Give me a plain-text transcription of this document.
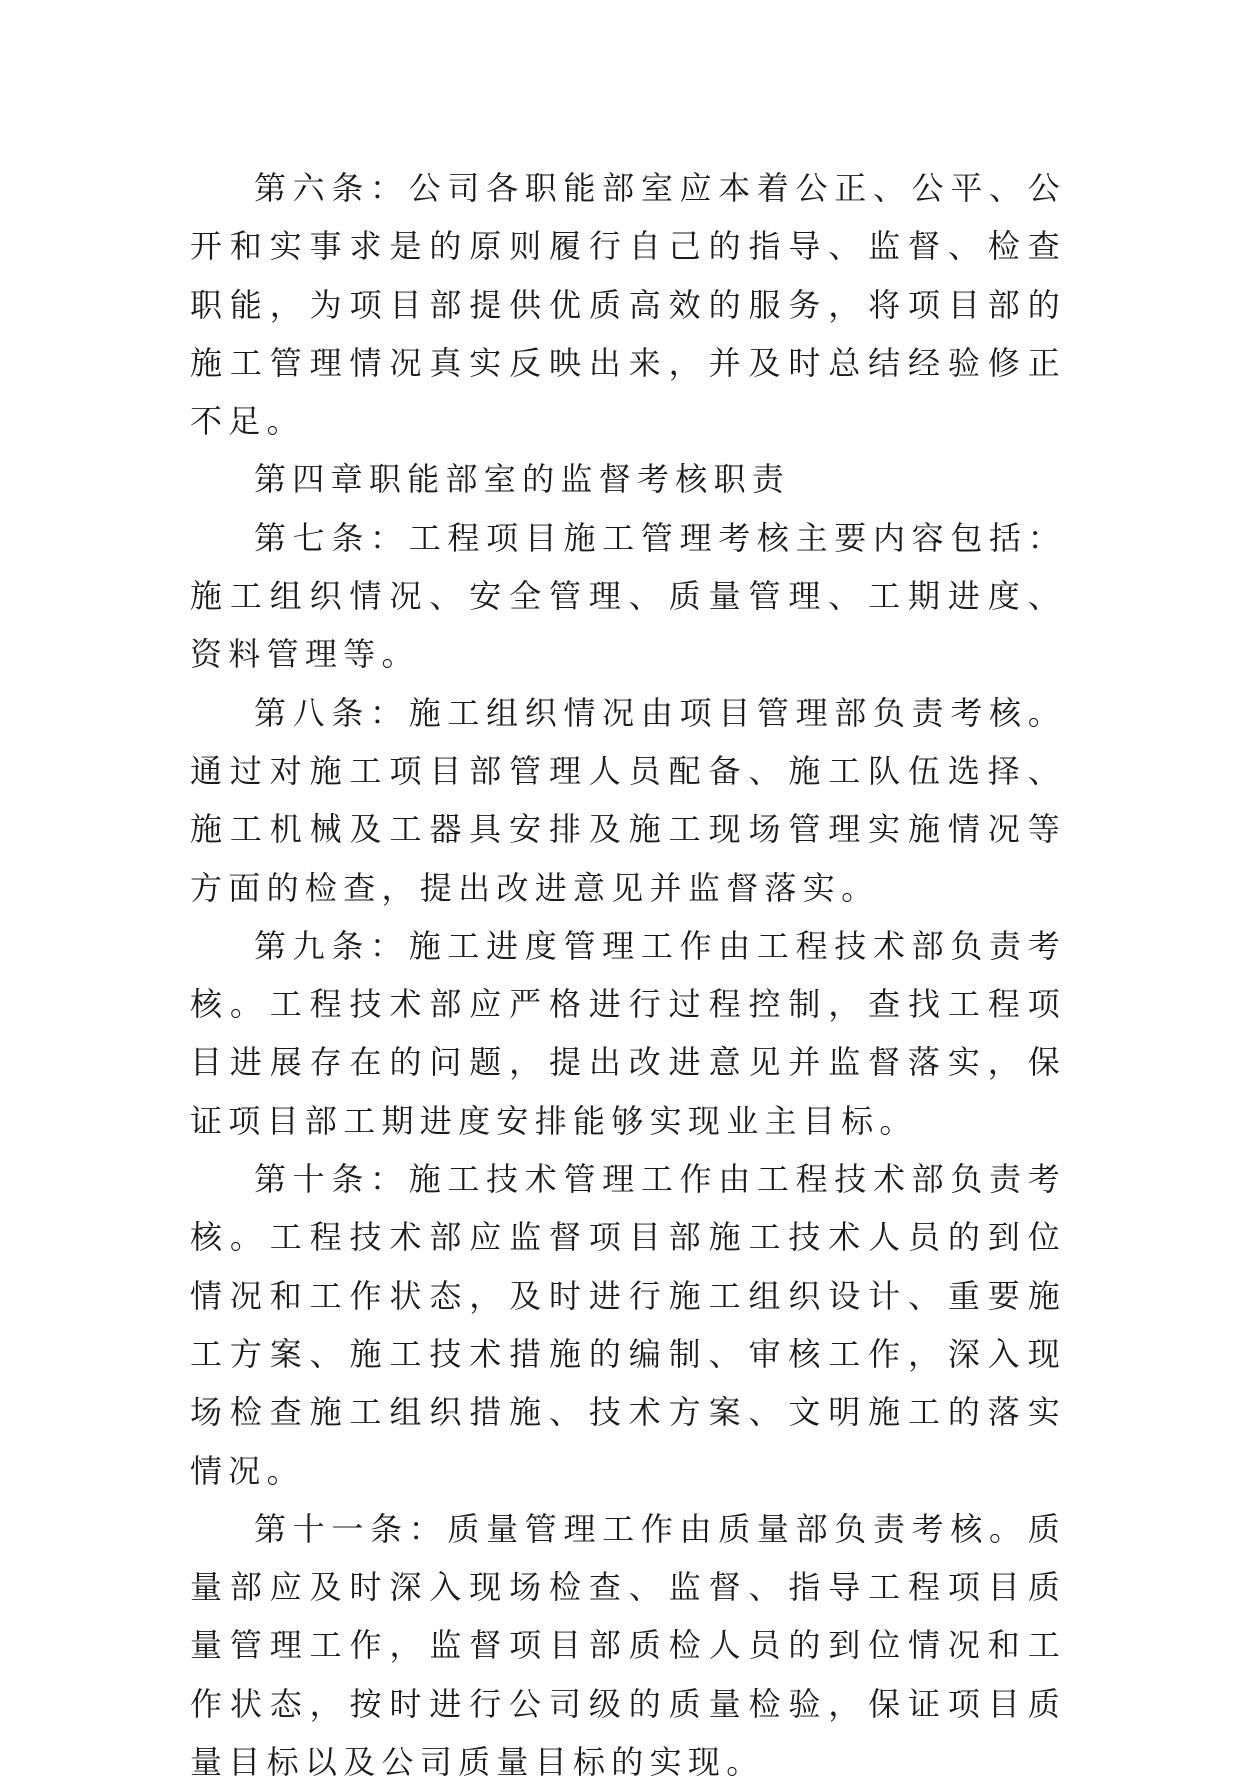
第六条：公司各职能部室应本着公正、公平、公开和实事求是的原则履行自己的指导、监督、检查职能，为项目部提供优质高效的服务，将项目部的施工管理情况真实反映出来，并及时总结经验修正不足。

第四章职能部室的监督考核职责

第七条：工程项目施工管理考核主要内容包括：施工组织情况、安全管理、质量管理、工期进度、资料管理等。

第八条：施工组织情况由项目管理部负责考核。通过对施工项目部管理人员配备、施工队伍选择、施工机械及工器具安排及施工现场管理实施情况等方面的检查，提出改进意见并监督落实。

第九条：施工进度管理工作由工程技术部负责考核。工程技术部应严格进行过程控制，查找工程项目进展存在的问题，提出改进意见并监督落实，保证项目部工期进度安排能够实现业主目标。

第十条：施工技术管理工作由工程技术部负责考核。工程技术部应监督项目部施工技术人员的到位情况和工作状态，及时进行施工组织设计、重要施工方案、施工技术措施的编制、审核工作，深入现场检查施工组织措施、技术方案、文明施工的落实情况。

第十一条：质量管理工作由质量部负责考核。质量部应及时深入现场检查、监督、指导工程项目质量管理工作，监督项目部质检人员的到位情况和工作状态，按时进行公司级的质量检验，保证项目质量目标以及公司质量目标的实现。
